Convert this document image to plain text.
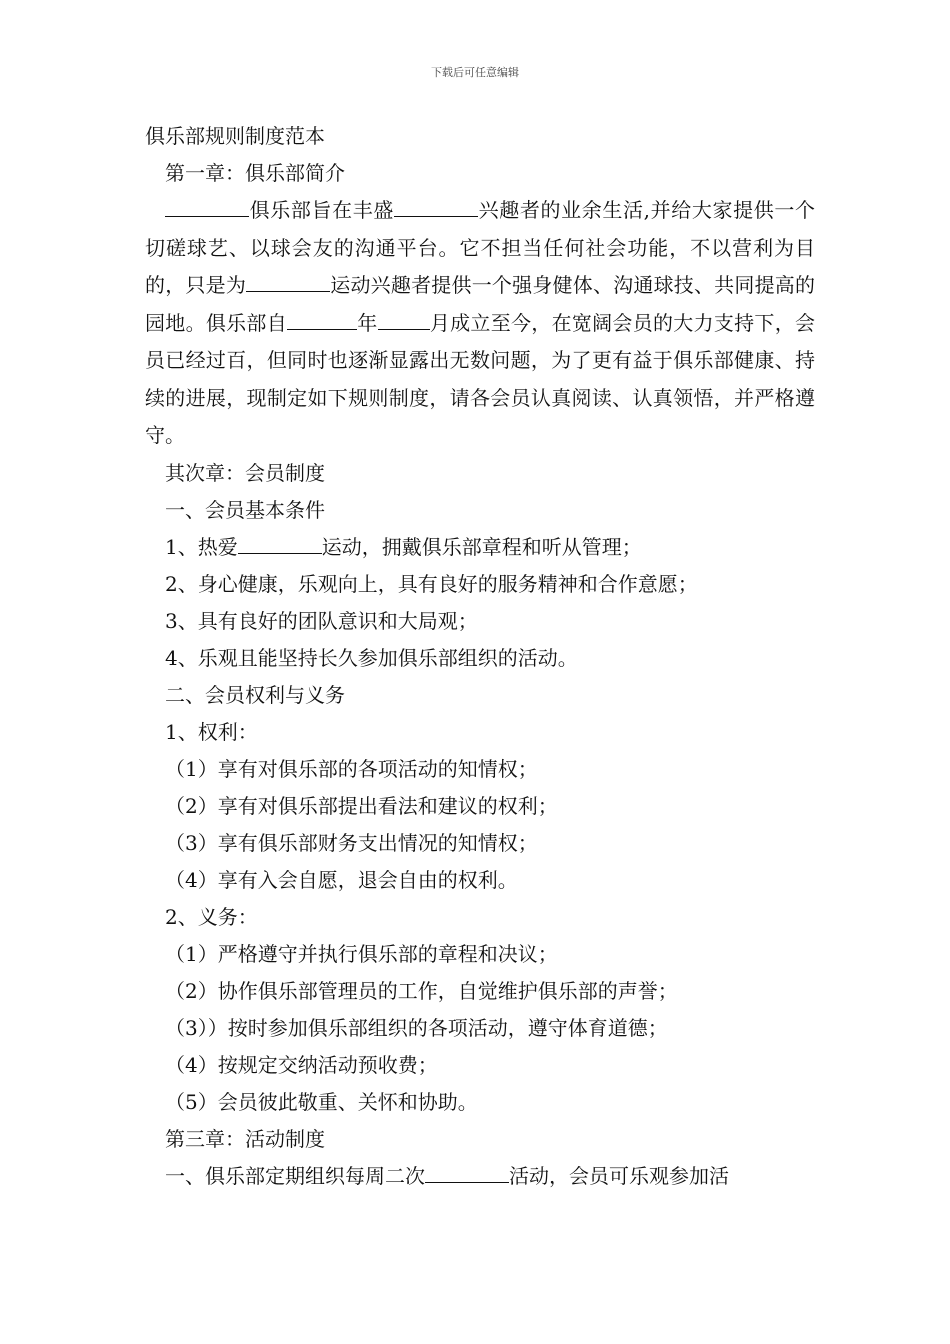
下载后可任意编辑
俱乐部规则制度范本
第一章：俱乐部简介

俱乐部旨在丰盛	兴趣者的业余生活,并给大家提供一个切磋球艺、以球会友的沟通平台。它不担当任何社会功能，不以营利为目的，只是为	运动兴趣者提供一个强身健体、沟通球技、共同提高的园地。俱乐部自	年	月成立至今，在宽阔会员的大力支持下，会员已经过百，但同时也逐渐显露出无数问题，为了更有益于俱乐部健康、持续的进展，现制定如下规则制度，请各会员认真阅读、认真领悟，并严格遵守。

其次章：会员制度
一、会员基本条件
1、热爱	运动，拥戴俱乐部章程和听从管理；
2、身心健康，乐观向上，具有良好的服务精神和合作意愿；
3、具有良好的团队意识和大局观；
4、乐观且能坚持长久参加俱乐部组织的活动。
二、会员权利与义务
1、权利：
（1）享有对俱乐部的各项活动的知情权；
（2）享有对俱乐部提出看法和建议的权利；
（3）享有俱乐部财务支出情况的知情权；
（4）享有入会自愿，退会自由的权利。
2、义务：
（1）严格遵守并执行俱乐部的章程和决议；
（2）协作俱乐部管理员的工作，自觉维护俱乐部的声誉；
（3））按时参加俱乐部组织的各项活动，遵守体育道德；
（4）按规定交纳活动预收费；
（5）会员彼此敬重、关怀和协助。
第三章：活动制度
一、俱乐部定期组织每周二次	活动，会员可乐观参加活
